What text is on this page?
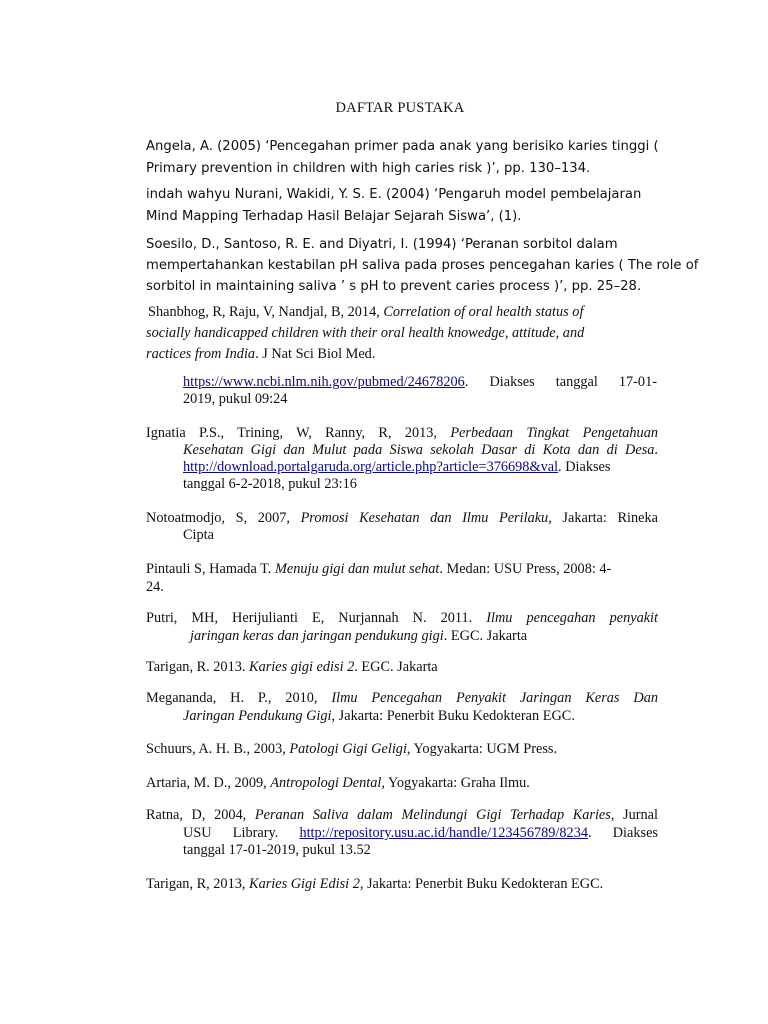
DAFTAR PUSTAKA
Angela, A. (2005) ‘Pencegahan primer pada anak yang berisiko karies tinggi (
Primary prevention in children with high caries risk )’, pp. 130–134.
indah wahyu Nurani, Wakidi, Y. S. E. (2004) ‘Pengaruh model pembelajaran
Mind Mapping Terhadap Hasil Belajar Sejarah Siswa’, (1).
Soesilo, D., Santoso, R. E. and Diyatri, I. (1994) ‘Peranan sorbitol dalam
mempertahankan kestabilan pH saliva pada proses pencegahan karies ( The role of
sorbitol in maintaining saliva ’ s pH to prevent caries process )’, pp. 25–28.
Shanbhog, R, Raju, V, Nandjal, B, 2014, Correlation of oral health status of
socially handicapped children with their oral health knowedge, attitude, and
ractices from India. J Nat Sci Biol Med.
https://www.ncbi.nlm.nih.gov/pubmed/24678206. Diakses tanggal 17-01-
2019, pukul 09:24
Ignatia P.S., Trining, W, Ranny, R, 2013, Perbedaan Tingkat Pengetahuan
Kesehatan Gigi dan Mulut pada Siswa sekolah Dasar di Kota dan di Desa.
http://download.portalgaruda.org/article.php?article=376698&val. Diakses
tanggal 6-2-2018, pukul 23:16
Notoatmodjo, S, 2007, Promosi Kesehatan dan Ilmu Perilaku, Jakarta: Rineka
Cipta
Pintauli S, Hamada T. Menuju gigi dan mulut sehat. Medan: USU Press, 2008: 4-
24.
Putri, MH, Herijulianti E, Nurjannah N. 2011. Ilmu pencegahan penyakit
jaringan keras dan jaringan pendukung gigi. EGC. Jakarta
Tarigan, R. 2013. Karies gigi edisi 2. EGC. Jakarta
Megananda, H. P., 2010, Ilmu Pencegahan Penyakit Jaringan Keras Dan
Jaringan Pendukung Gigi, Jakarta: Penerbit Buku Kedokteran EGC.
Schuurs, A. H. B., 2003, Patologi Gigi Geligi, Yogyakarta: UGM Press.
Artaria, M. D., 2009, Antropologi Dental, Yogyakarta: Graha Ilmu.
Ratna, D, 2004, Peranan Saliva dalam Melindungi Gigi Terhadap Karies, Jurnal
USU Library. http://repository.usu.ac.id/handle/123456789/8234. Diakses
tanggal 17-01-2019, pukul 13.52
Tarigan, R, 2013, Karies Gigi Edisi 2, Jakarta: Penerbit Buku Kedokteran EGC.
